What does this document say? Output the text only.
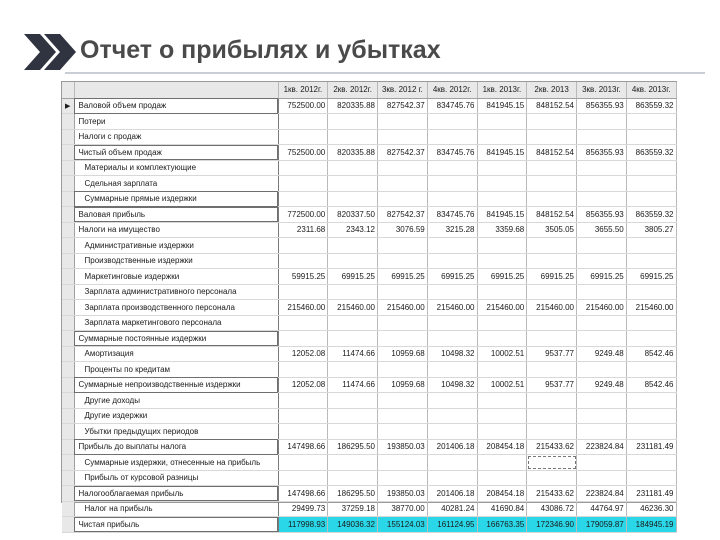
Отчет о прибылях и убытках
		1кв. 2012г.	2кв. 2012г.	3кв. 2012 г.	4кв. 2012г.	1кв. 2013г.	2кв. 2013	3кв. 2013г.	4кв. 2013г.
▶	Валовой объем продаж	752500.00	820335.88	827542.37	834745.76	841945.15	848152.54	856355.93	863559.32
	Потери								
	Налоги с продаж								
	Чистый объем продаж	752500.00	820335.88	827542.37	834745.76	841945.15	848152.54	856355.93	863559.32
	Материалы и комплектующие								
	Сдельная зарплата								
	Суммарные прямые издержки								
	Валовая прибыль	772500.00	820337.50	827542.37	834745.76	841945.15	848152.54	856355.93	863559.32
	Налоги на имущество	2311.68	2343.12	3076.59	3215.28	3359.68	3505.05	3655.50	3805.27
	Административные издержки								
	Производственные издержки								
	Маркетинговые издержки	59915.25	69915.25	69915.25	69915.25	69915.25	69915.25	69915.25	69915.25
	Зарплата административного персонала								
	Зарплата производственного персонала	215460.00	215460.00	215460.00	215460.00	215460.00	215460.00	215460.00	215460.00
	Зарплата маркетингового персонала								
	Суммарные постоянные издержки								
	Амортизация	12052.08	11474.66	10959.68	10498.32	10002.51	9537.77	9249.48	8542.46
	Проценты по кредитам								
	Суммарные непроизводственные издержки	12052.08	11474.66	10959.68	10498.32	10002.51	9537.77	9249.48	8542.46
	Другие доходы								
	Другие издержки								
	Убытки предыдущих периодов								
	Прибыль до выплаты налога	147498.66	186295.50	193850.03	201406.18	208454.18	215433.62	223824.84	231181.49
	Суммарные издержки, отнесенные на прибыль								
	Прибыль от курсовой разницы								
	Налогооблагаемая прибыль	147498.66	186295.50	193850.03	201406.18	208454.18	215433.62	223824.84	231181.49
	Налог на прибыль	29499.73	37259.18	38770.00	40281.24	41690.84	43086.72	44764.97	46236.30
	Чистая прибыль	117998.93	149036.32	155124.03	161124.95	166763.35	172346.90	179059.87	184945.19
